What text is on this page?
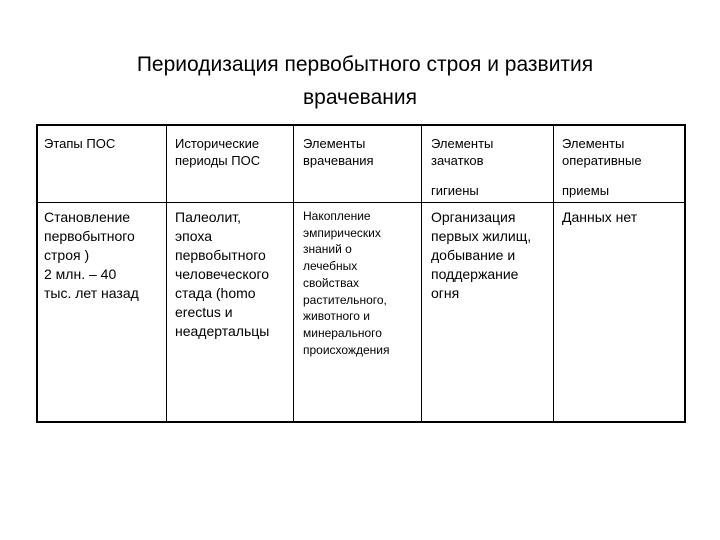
Периодизация первобытного строя и развития
врачевания
Этапы ПОС	Исторические
периоды ПОС
Элементы
врачевания
Элементы
зачатков
гигиены
Элементы
оперативные
приемы
Становление
первобытного
строя )
2 млн. – 40
тыс. лет назад
Палеолит,
эпоха
первобытного
человеческого
стада (homo
erectus и
неадертальцы
Накопление
эмпирических
знаний о
лечебных
свойствах
растительного,
животного и
минерального
происхождения
Организация
первых жилищ,
добывание и
поддержание
огня
Данных нет
